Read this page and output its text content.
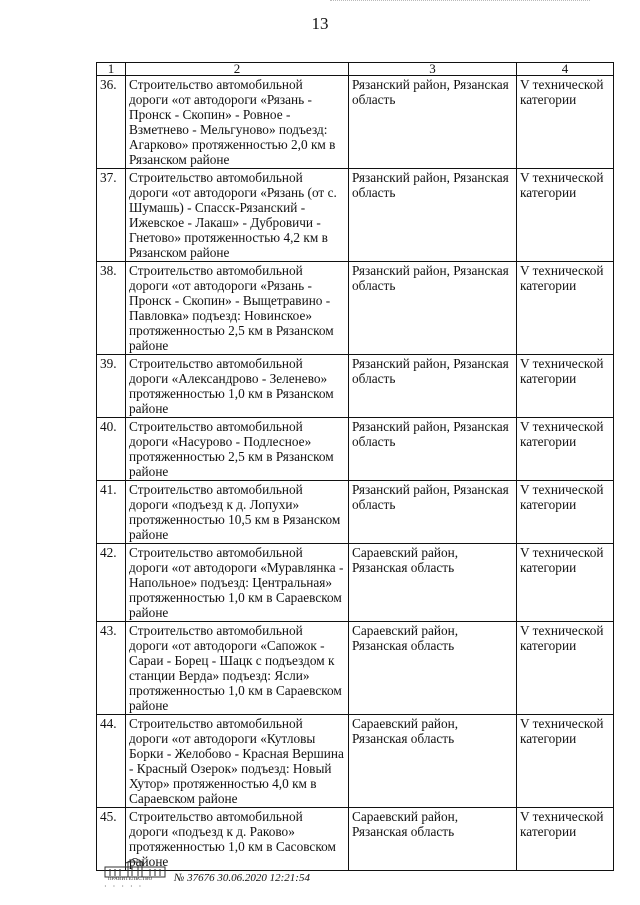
13
1	2	3	4
36.	Строительство автомобильной дороги «от автодороги «Рязань - Пронск - Скопин» - Ровное - Взметнево - Мельгуново» подъезд: Агарково» протяженностью 2,0 км в Рязанском районе	Рязанский район, Рязанская область	V технической категории
37.	Строительство автомобильной дороги «от автодороги «Рязань (от с. Шумашь) - Спасск-Рязанский - Ижевское - Лакаш» - Дубровичи - Гнетово» протяженностью 4,2 км в Рязанском районе	Рязанский район, Рязанская область	V технической категории
38.	Строительство автомобильной дороги «от автодороги «Рязань - Пронск - Скопин» - Выщетравино - Павловка» подъезд: Новинское» протяженностью 2,5 км в Рязанском районе	Рязанский район, Рязанская область	V технической категории
39.	Строительство автомобильной дороги «Александрово - Зеленево» протяженностью 1,0 км в Рязанском районе	Рязанский район, Рязанская область	V технической категории
40.	Строительство автомобильной дороги «Насурово - Подлесное» протяженностью 2,5 км в Рязанском районе	Рязанский район, Рязанская область	V технической категории
41.	Строительство автомобильной дороги «подъезд к д. Лопухи» протяженностью 10,5 км в Рязанском районе	Рязанский район, Рязанская область	V технической категории
42.	Строительство автомобильной дороги «от автодороги «Муравлянка - Напольное» подъезд: Центральная» протяженностью 1,0 км в Сараевском районе	Сараевский район, Рязанская область	V технической категории
43.	Строительство автомобильной дороги «от автодороги «Сапожок - Сараи - Борец - Шацк с подъездом к станции Верда» подъезд: Ясли» протяженностью 1,0 км в Сараевском районе	Сараевский район, Рязанская область	V технической категории
44.	Строительство автомобильной дороги «от автодороги «Кутловы Борки - Желобово - Красная Вершина - Красный Озерок» подъезд: Новый Хутор» протяженностью 4,0 км в Сараевском районе	Сараевский район, Рязанская область	V технической категории
45.	Строительство автомобильной дороги «подъезд к д. Раково» протяженностью 1,0 км в Сасовском районе	Сараевский район, Рязанская область	V технической категории
ПРАВИТЕЛЬСТВО
· · · · ·
№ 37676 30.06.2020 12:21:54
